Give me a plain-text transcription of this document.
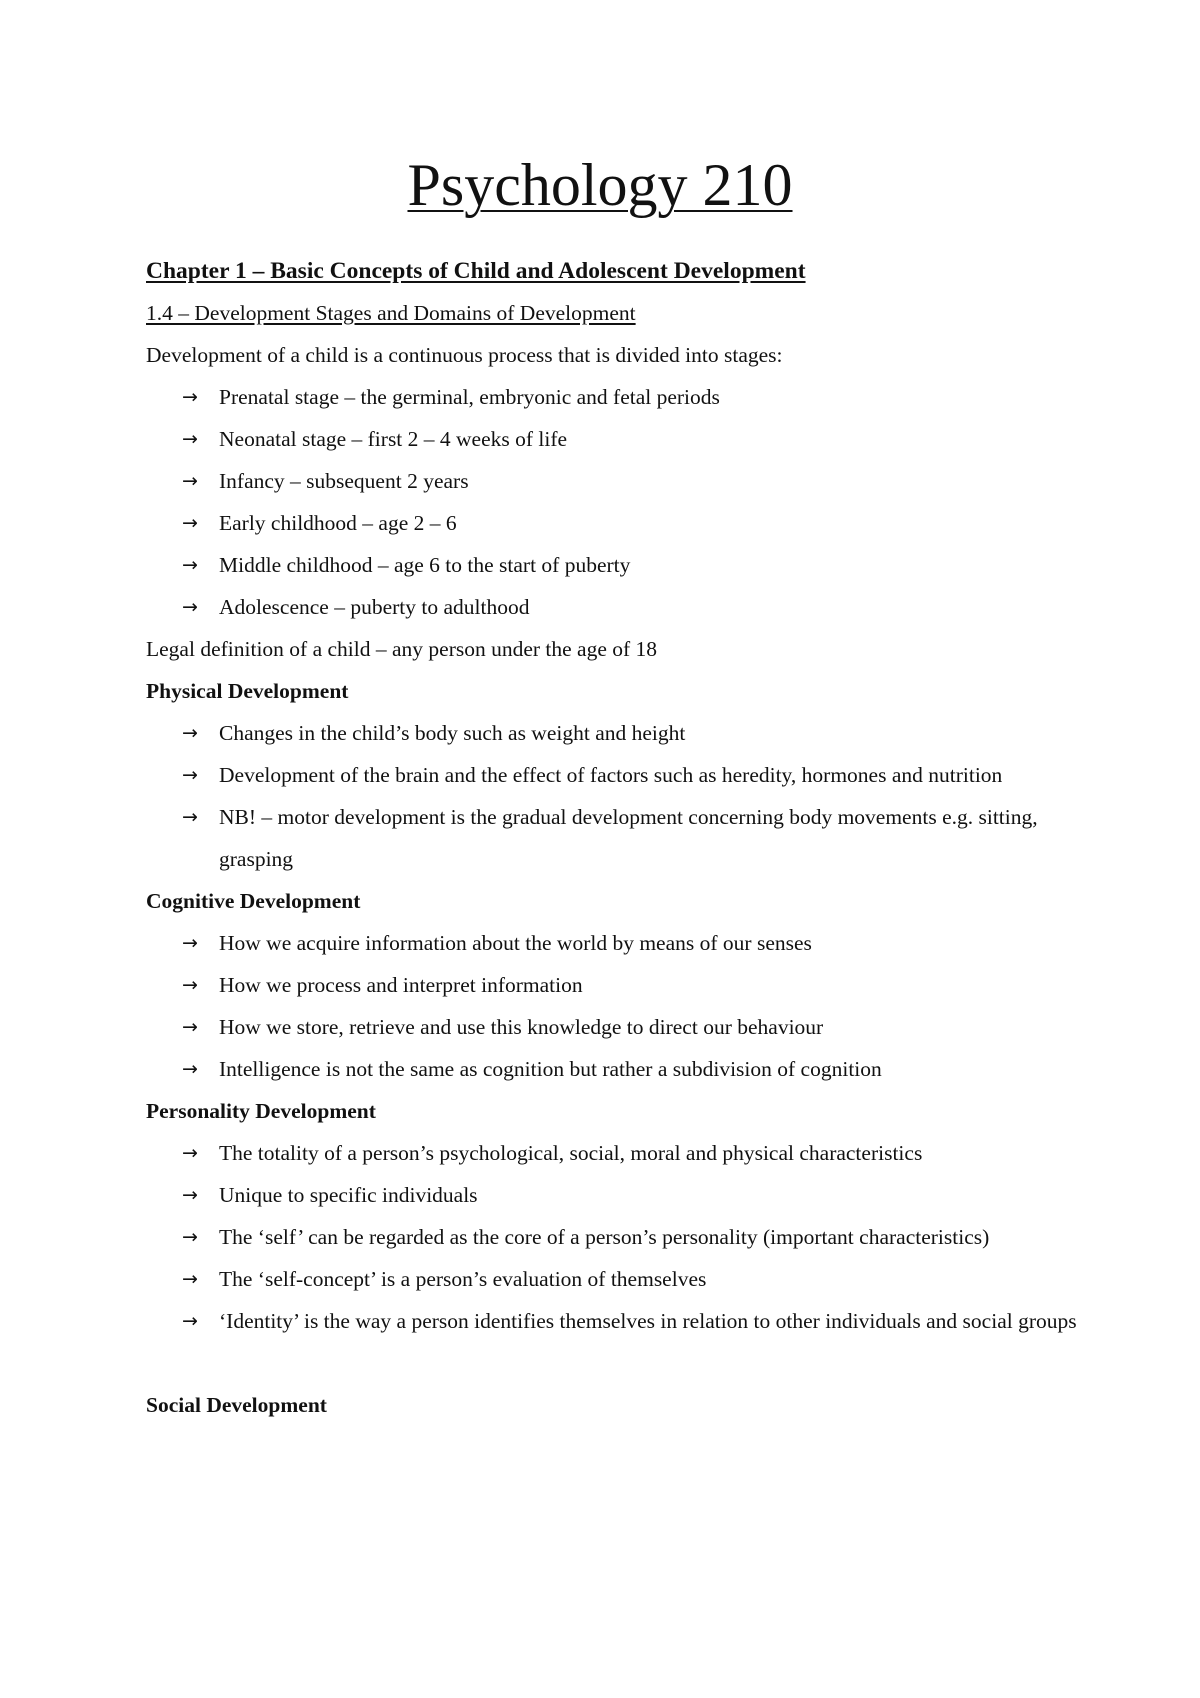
Psychology 210

Chapter 1 – Basic Concepts of Child and Adolescent Development

1.4 – Development Stages and Domains of Development

Development of a child is a continuous process that is divided into stages:

→ Prenatal stage – the germinal, embryonic and fetal periods
→ Neonatal stage – first 2 – 4 weeks of life
→ Infancy – subsequent 2 years
→ Early childhood – age 2 – 6
→ Middle childhood – age 6 to the start of puberty
→ Adolescence – puberty to adulthood

Legal definition of a child – any person under the age of 18

Physical Development

→ Changes in the child’s body such as weight and height
→ Development of the brain and the effect of factors such as heredity, hormones and nutrition
→ NB! – motor development is the gradual development concerning body movements e.g. sitting, grasping

Cognitive Development

→ How we acquire information about the world by means of our senses
→ How we process and interpret information
→ How we store, retrieve and use this knowledge to direct our behaviour
→ Intelligence is not the same as cognition but rather a subdivision of cognition

Personality Development

→ The totality of a person’s psychological, social, moral and physical characteristics
→ Unique to specific individuals
→ The ‘self’ can be regarded as the core of a person’s personality (important characteristics)
→ The ‘self-concept’ is a person’s evaluation of themselves
→ ‘Identity’ is the way a person identifies themselves in relation to other individuals and social groups

Social Development
